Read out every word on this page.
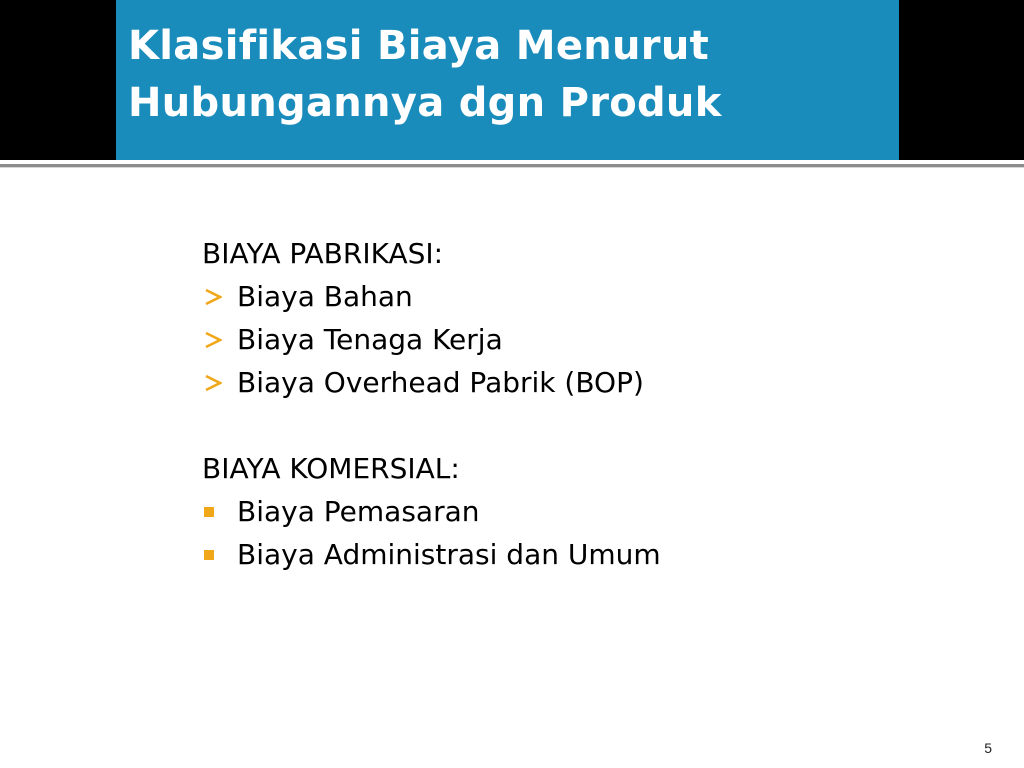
Klasifikasi Biaya Menurut Hubungannya dgn Produk
BIAYA PABRIKASI:
Biaya Bahan
Biaya Tenaga Kerja
Biaya Overhead Pabrik (BOP)
BIAYA KOMERSIAL:
Biaya Pemasaran
Biaya Administrasi dan Umum
5
